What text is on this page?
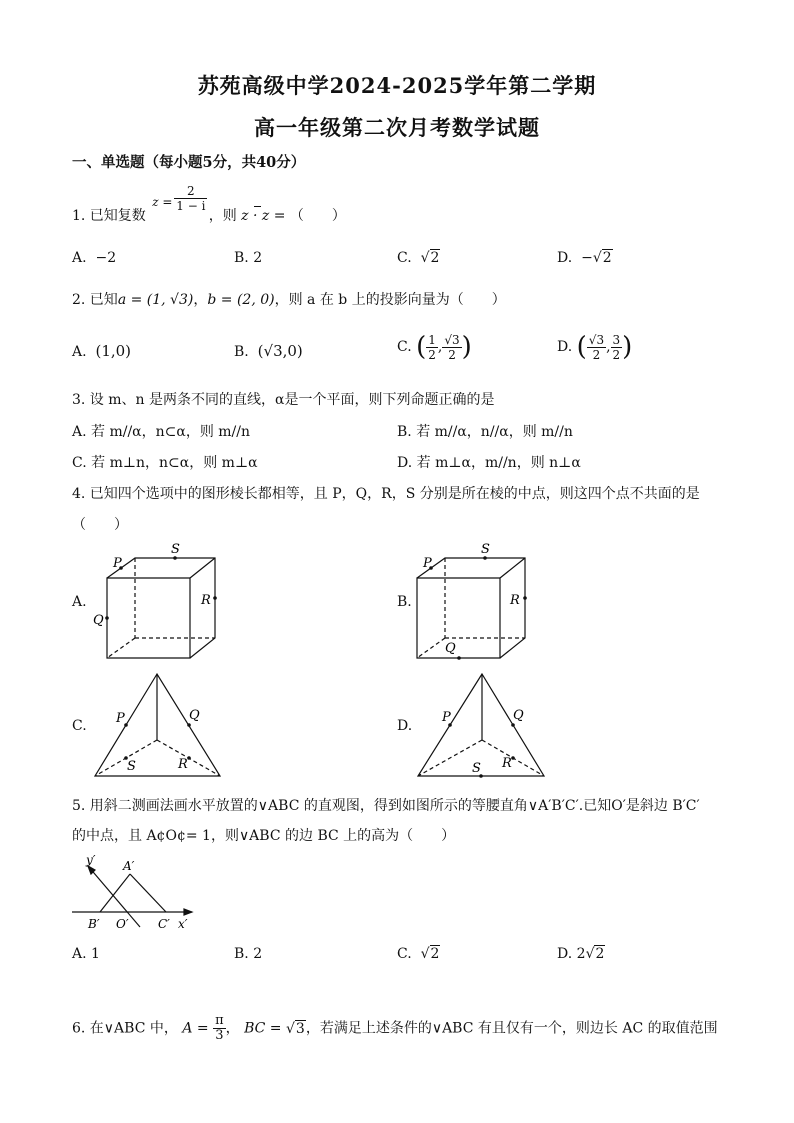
苏苑高级中学2024-2025学年第二学期
高一年级第二次月考数学试题
一、单选题（每小题5分，共40分）
1. 已知复数
$z = \frac{2}{1 - i}$
，则 z · z = （　　）
A. −2	B. 2	C. √2	D. −√2
2. 已知a = (1, √3)，b = (2, 0)，则 a 在 b 上的投影向量为（　　）
A. (1,0)	B. (√3,0)	C. ( $\frac{1}{2}$ , $\frac{√3}{2}$ )	D. ( $\frac{√3}{2}$ , $\frac{3}{2}$ )
3. 设 m、n 是两条不同的直线，α是一个平面，则下列命题正确的是
A. 若 m//α，n⊂α，则 m//n	B. 若 m//α，n//α，则 m//n
C. 若 m⊥n，n⊂α，则 m⊥α	D. 若 m⊥α，m//n，则 n⊥α
4. 已知四个选项中的图形棱长都相等，且 P，Q，R，S 分别是所在棱的中点，则这四个点不共面的是
（　　）
A.
P
S
R
Q
B.
P
S
R
Q
C. P	Q
S	R
D.
P	Q
S R
5. 用斜二测画法画水平放置的∨ABC 的直观图，得到如图所示的等腰直角∨A′B′C′.已知O′是斜边 B′C′
的中点，且 A¢O¢= 1，则∨ABC 的边 BC 上的高为（　　）
y′ A′
B′ O′ C′ x′
A. 1	B. 2	C. √2	D. 2√2
6. 在∨ABC 中， $A = \frac{\pi}{3}$ ， BC = √3，若满足上述条件的∨ABC 有且仅有一个，则边长 AC 的取值范围
